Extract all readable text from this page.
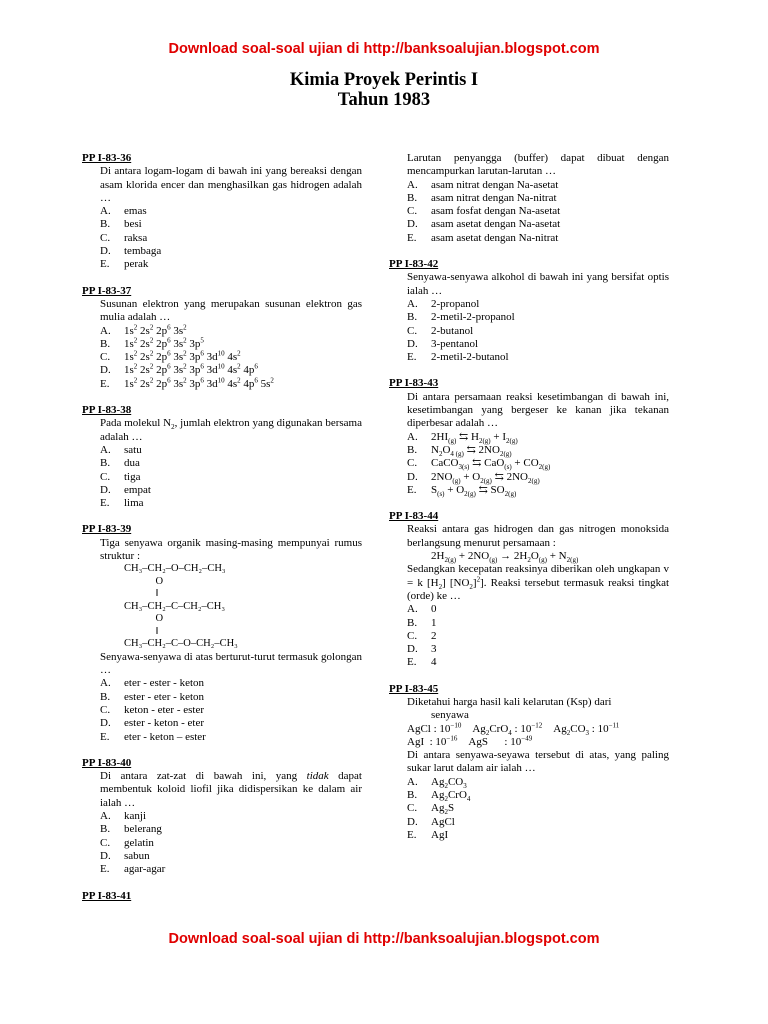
Download soal-soal ujian di http://banksoalujian.blogspot.com
Kimia Proyek Perintis I
Tahun 1983
PP I-83-36
Di antara logam-logam di bawah ini yang bereaksi dengan asam klorida encer dan menghasilkan gas hidrogen adalah …
A. emas
B. besi
C. raksa
D. tembaga
E. perak
PP I-83-37
Susunan elektron yang merupakan susunan elektron gas mulia adalah …
A. $1s^2$ $2s^2$ $2p^6$ $3s^2$
B. $1s^2$ $2s^2$ $2p^6$ $3s^2$ $3p^5$
C. $1s^2$ $2s^2$ $2p^6$ $3s^2$ $3p^6$ $3d^{10}$ $4s^2$
D. $1s^2$ $2s^2$ $2p^6$ $3s^2$ $3p^6$ $3d^{10}$ $4s^2$ $4p^6$
E. $1s^2$ $2s^2$ $2p^6$ $3s^2$ $3p^6$ $3d^{10}$ $4s^2$ $4p^6$ $5s^2$
PP I-83-38
Pada molekul $N_2$, jumlah elektron yang digunakan bersama adalah …
A. satu
B. dua
C. tiga
D. empat
E. lima
PP I-83-39
Tiga senyawa organik masing-masing mempunyai rumus struktur :
CH₃–CH₂–O–CH₂–CH₃
O
‖
CH₃–CH₂–C–CH₂–CH₃
O
‖
CH₃–CH₂–C–O–CH₂–CH₃
Senyawa-senyawa di atas berturut-turut termasuk golongan …
A. eter - ester - keton
B. ester - eter - keton
C. keton - eter - ester
D. ester - keton - eter
E. eter - keton – ester
PP I-83-40
Di antara zat-zat di bawah ini, yang tidak dapat membentuk koloid liofil jika didispersikan ke dalam air ialah …
A. kanji
B. belerang
C. gelatin
D. sabun
E. agar-agar
PP I-83-41
Larutan penyangga (buffer) dapat dibuat dengan mencampurkan larutan-larutan …
A. asam nitrat dengan Na-asetat
B. asam nitrat dengan Na-nitrat
C. asam fosfat dengan Na-asetat
D. asam asetat dengan Na-asetat
E. asam asetat dengan Na-nitrat
PP I-83-42
Senyawa-senyawa alkohol di bawah ini yang bersifat optis ialah …
A. 2-propanol
B. 2-metil-2-propanol
C. 2-butanol
D. 3-pentanol
E. 2-metil-2-butanol
PP I-83-43
Di antara persamaan reaksi kesetimbangan di bawah ini, kesetimbangan yang bergeser ke kanan jika tekanan diperbesar adalah …
A. $2HI_{(g)}$ ⇆ $H_{2(g)} + I_{2(g)}$
B. $N_2O_{4 (g)}$ ⇆ $2NO_{2(g)}$
C. CaCO$_{3(s)}$ ⇆ $CaO_{(s)} + CO_{2(g)}$
D. $2NO_{(g)} + O_{2(g)}$ ⇆ $2NO_{2(g)}$
E. $S_{(s)} + O_{2(g)}$ ⇆ $SO_{2(g)}$
PP I-83-44
Reaksi antara gas hidrogen dan gas nitrogen monoksida berlangsung menurut persamaan :
$2H_{2(g)} + 2NO_{(g)} \to 2H_2O_{(g)} + N_{2(g)}$
Sedangkan kecepatan reaksinya diberikan oleh ungkapan v = k $[H_2]$ $[NO_2]^2$]. Reaksi tersebut termasuk reaksi tingkat (orde) ke …
A. 0
B. 1
C. 2
D. 3
E. 4
PP I-83-45
Diketahui harga hasil kali kelarutan (Ksp) dari
senyawa
AgCl : $10^{-10}$    $Ag_2CrO_4$ : $10^{-12}$    $Ag_2CO_3$ : $10^{-11}$
AgI  : $10^{-16}$    AgS      : $10^{-49}$
Di antara senyawa-seyawa tersebut di atas, yang paling sukar larut dalam air ialah …
A. $Ag_2CO_3$
B. $Ag_2CrO_4$
C. $Ag_2S$
D. AgCl
E. AgI
Download soal-soal ujian di http://banksoalujian.blogspot.com
